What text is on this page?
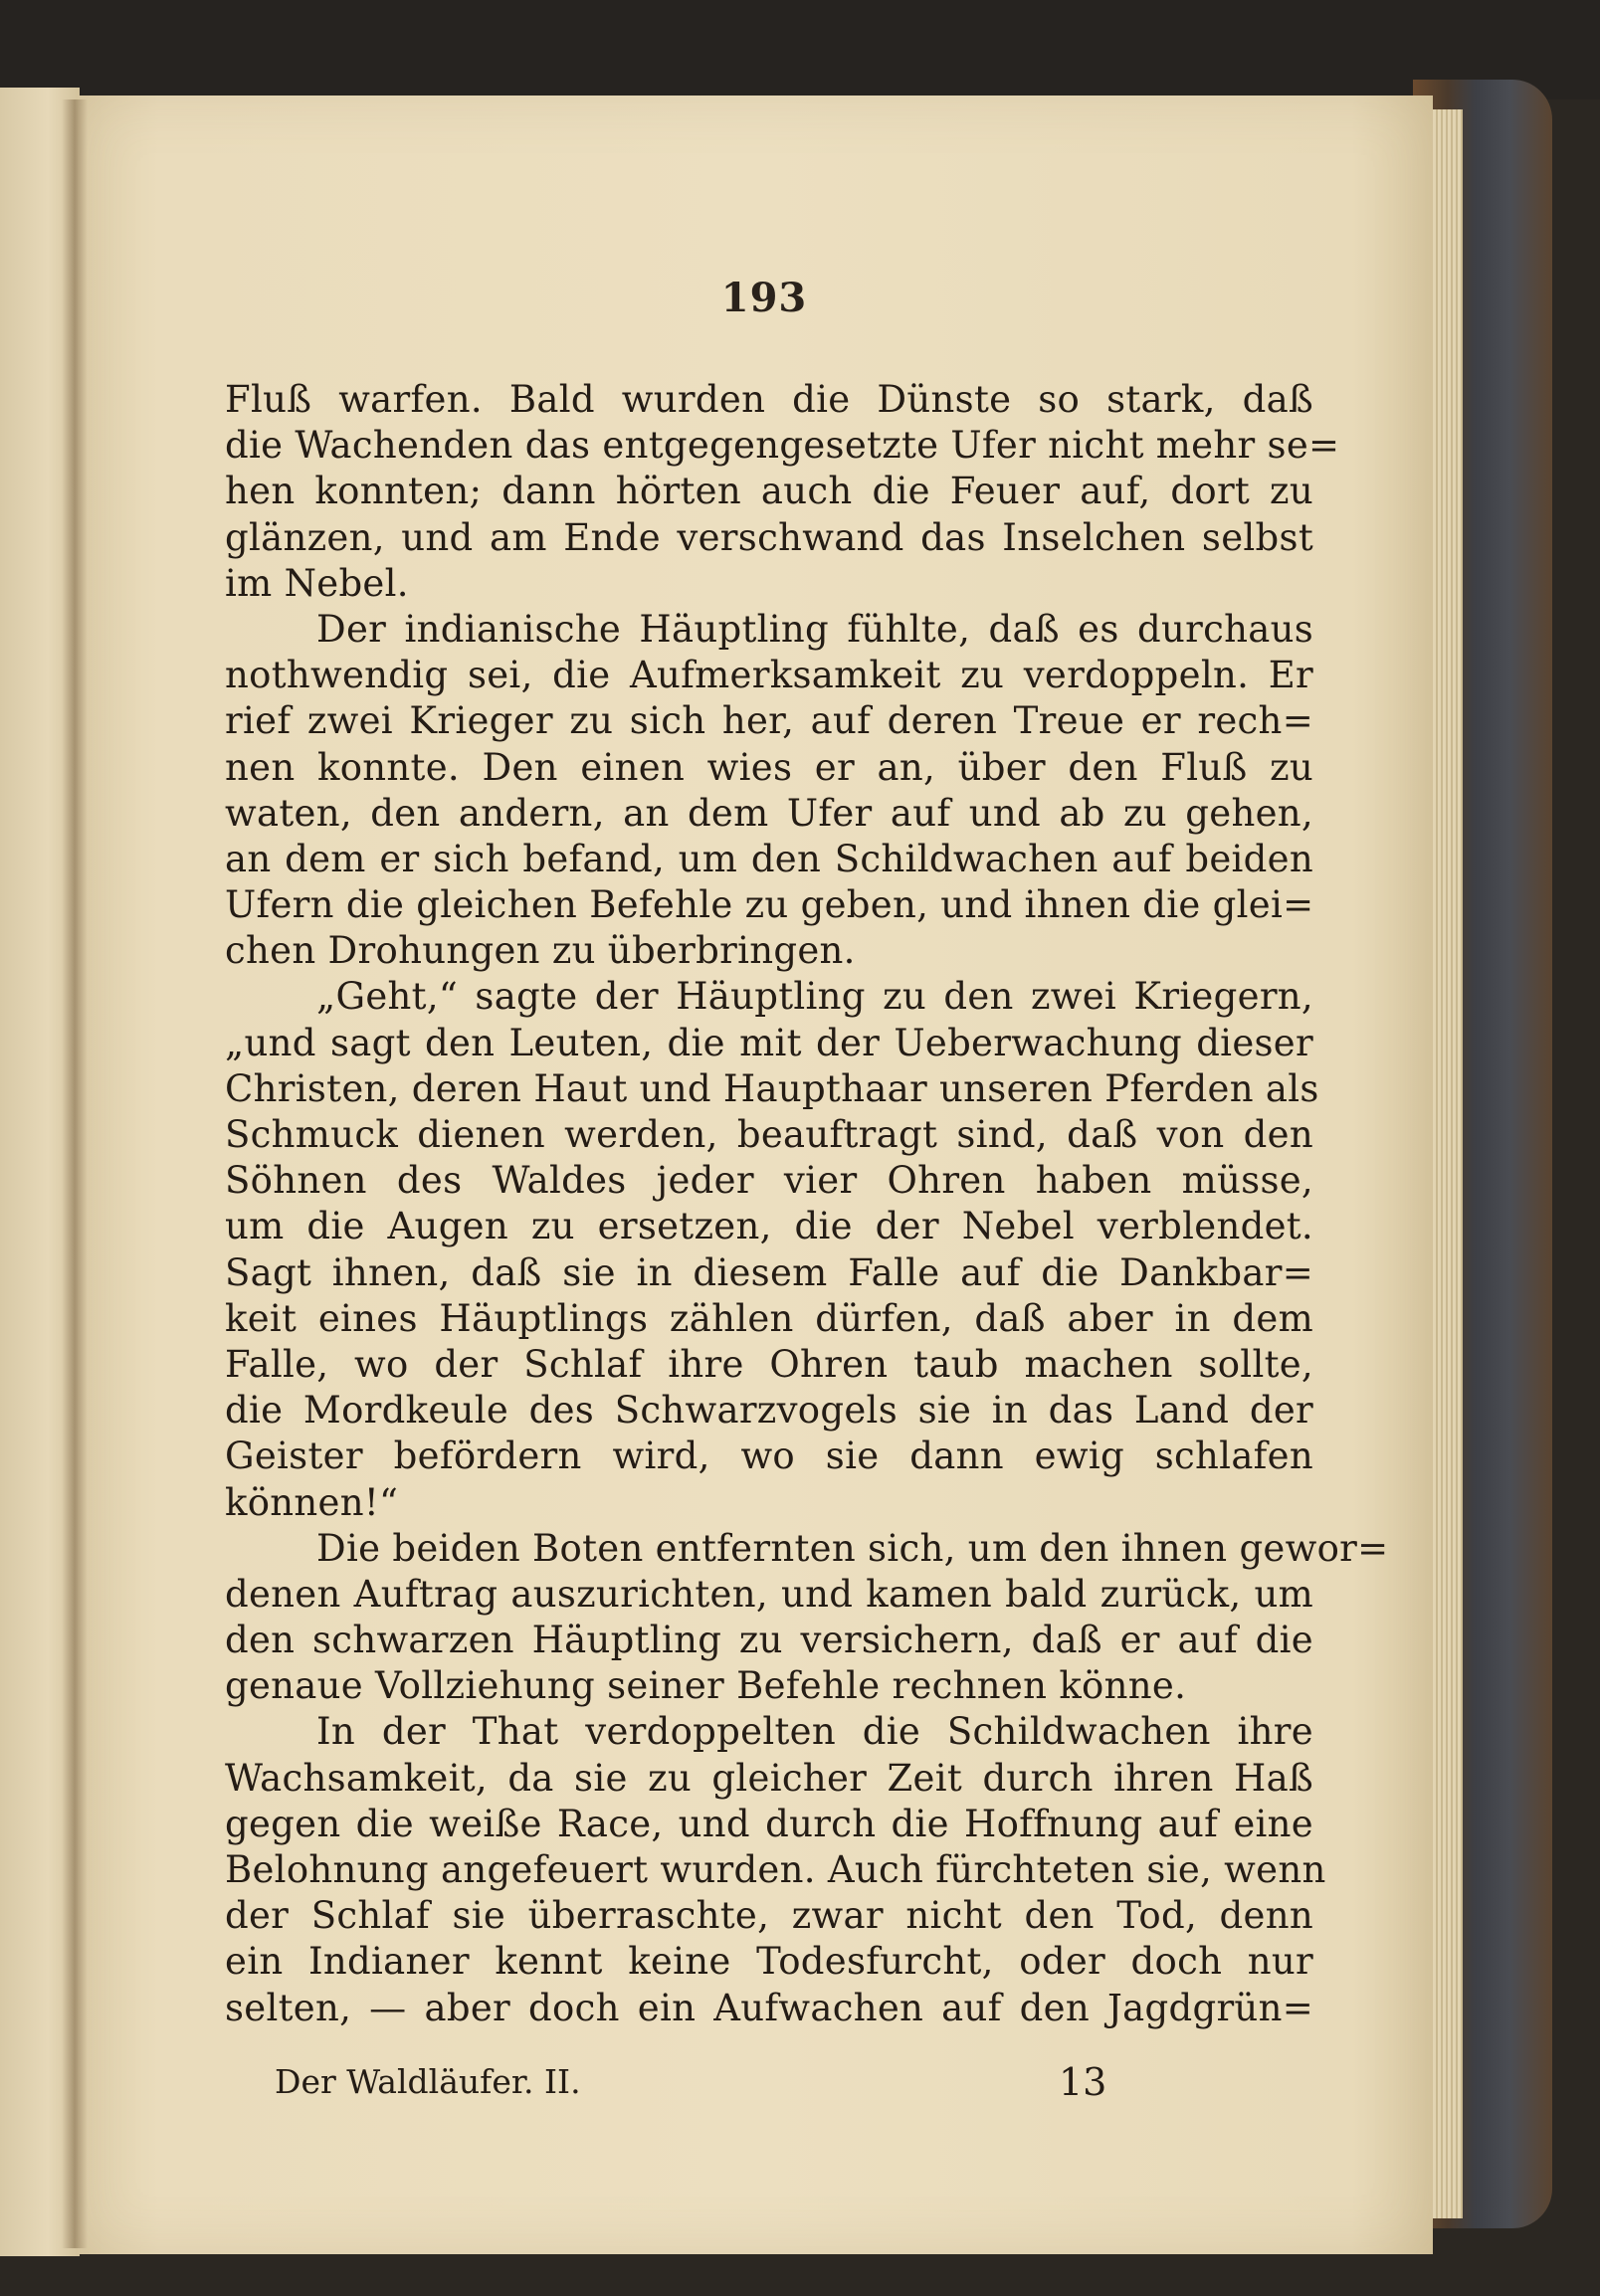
193
Fluß warfen. Bald wurden die Dünste so stark, daß
die Wachenden das entgegengesetzte Ufer nicht mehr se=
hen konnten; dann hörten auch die Feuer auf, dort zu
glänzen, und am Ende verschwand das Inselchen selbst
im Nebel.
Der indianische Häuptling fühlte, daß es durchaus
nothwendig sei, die Aufmerksamkeit zu verdoppeln. Er
rief zwei Krieger zu sich her, auf deren Treue er rech=
nen konnte. Den einen wies er an, über den Fluß zu
waten, den andern, an dem Ufer auf und ab zu gehen,
an dem er sich befand, um den Schildwachen auf beiden
Ufern die gleichen Befehle zu geben, und ihnen die glei=
chen Drohungen zu überbringen.
„Geht,“ sagte der Häuptling zu den zwei Kriegern,
„und sagt den Leuten, die mit der Ueberwachung dieser
Christen, deren Haut und Haupthaar unseren Pferden als
Schmuck dienen werden, beauftragt sind, daß von den
Söhnen des Waldes jeder vier Ohren haben müsse,
um die Augen zu ersetzen, die der Nebel verblendet.
Sagt ihnen, daß sie in diesem Falle auf die Dankbar=
keit eines Häuptlings zählen dürfen, daß aber in dem
Falle, wo der Schlaf ihre Ohren taub machen sollte,
die Mordkeule des Schwarzvogels sie in das Land der
Geister befördern wird, wo sie dann ewig schlafen
können!“
Die beiden Boten entfernten sich, um den ihnen gewor=
denen Auftrag auszurichten, und kamen bald zurück, um
den schwarzen Häuptling zu versichern, daß er auf die
genaue Vollziehung seiner Befehle rechnen könne.
In der That verdoppelten die Schildwachen ihre
Wachsamkeit, da sie zu gleicher Zeit durch ihren Haß
gegen die weiße Race, und durch die Hoffnung auf eine
Belohnung angefeuert wurden. Auch fürchteten sie, wenn
der Schlaf sie überraschte, zwar nicht den Tod, denn
ein Indianer kennt keine Todesfurcht, oder doch nur
selten, — aber doch ein Aufwachen auf den Jagdgrün=
Der Waldläufer. II.	13
